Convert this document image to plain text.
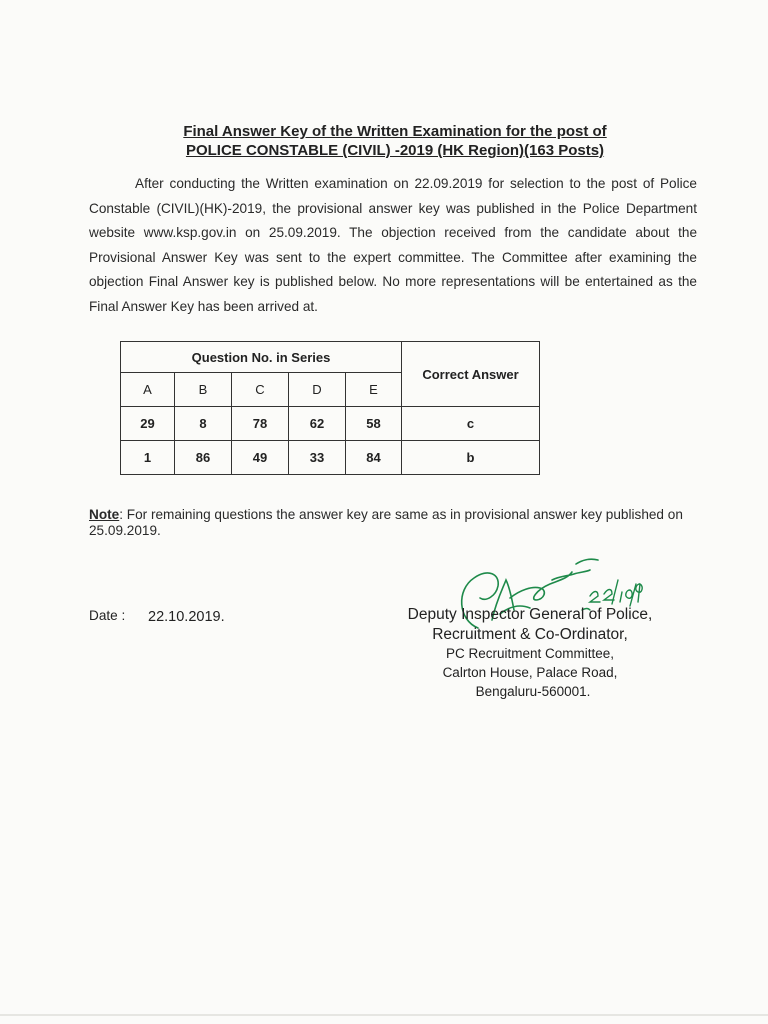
Final Answer Key of the Written Examination for the post of
POLICE CONSTABLE (CIVIL) -2019 (HK Region)(163 Posts)
After conducting the Written examination on 22.09.2019 for selection to the post of Police Constable (CIVIL)(HK)-2019, the provisional answer key was published in the Police Department website www.ksp.gov.in on 25.09.2019. The objection received from the candidate about the Provisional Answer Key was sent to the expert committee. The Committee after examining the objection Final Answer key is published below. No more representations will be entertained as the Final Answer Key has been arrived at.
Question No. in Series					Correct Answer
A	B	C	D	E	
29	8	78	62	58	c
1	86	49	33	84	b
Note: For remaining questions the answer key are same as in provisional answer key published on 25.09.2019.
Date : 22.10.2019.	Deputy Inspector General of Police,
Recruitment & Co-Ordinator,
PC Recruitment Committee,
Calrton House, Palace Road,
Bengaluru-560001.
